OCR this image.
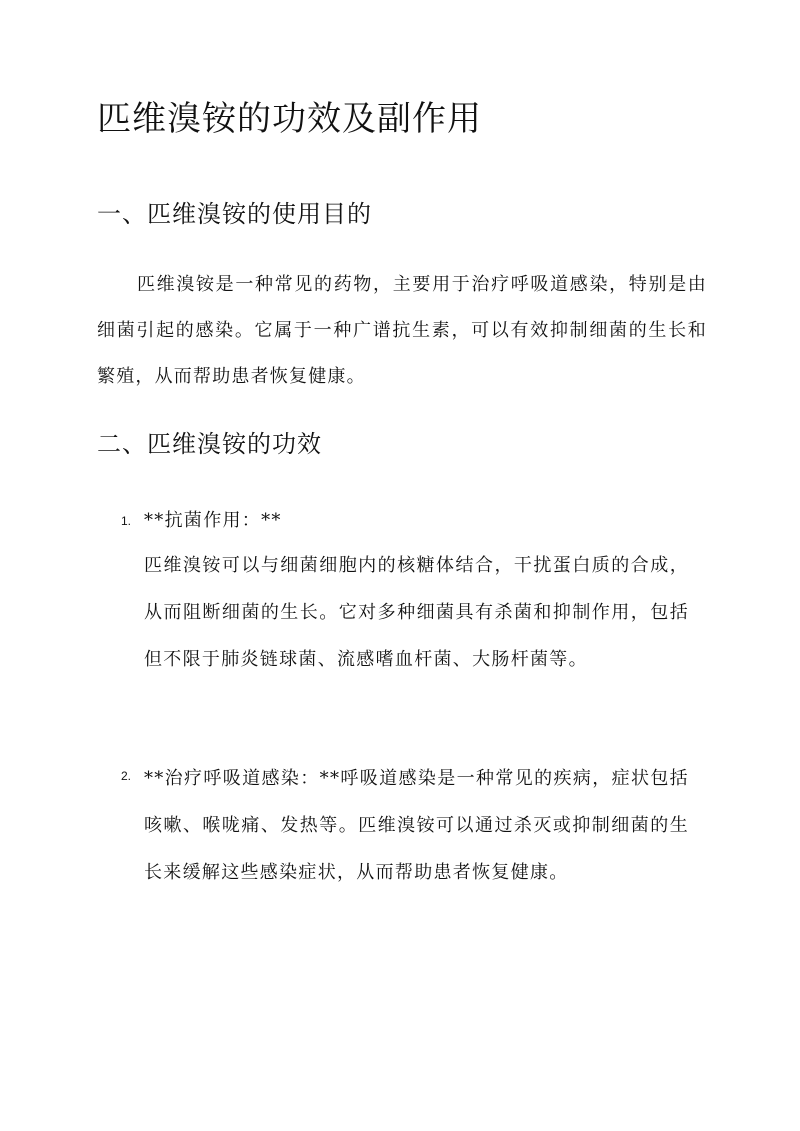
匹维溴铵的功效及副作用
一、匹维溴铵的使用目的

匹维溴铵是一种常见的药物，主要用于治疗呼吸道感染，特别是由细菌引起的感染。它属于一种广谱抗生素，可以有效抑制细菌的生长和繁殖，从而帮助患者恢复健康。

二、匹维溴铵的功效
1. **抗菌作用：**
匹维溴铵可以与细菌细胞内的核糖体结合，干扰蛋白质的合成，从而阻断细菌的生长。它对多种细菌具有杀菌和抑制作用，包括但不限于肺炎链球菌、流感嗜血杆菌、大肠杆菌等。
2. **治疗呼吸道感染：**呼吸道感染是一种常见的疾病，症状包括咳嗽、喉咙痛、发热等。匹维溴铵可以通过杀灭或抑制细菌的生长来缓解这些感染症状，从而帮助患者恢复健康。
